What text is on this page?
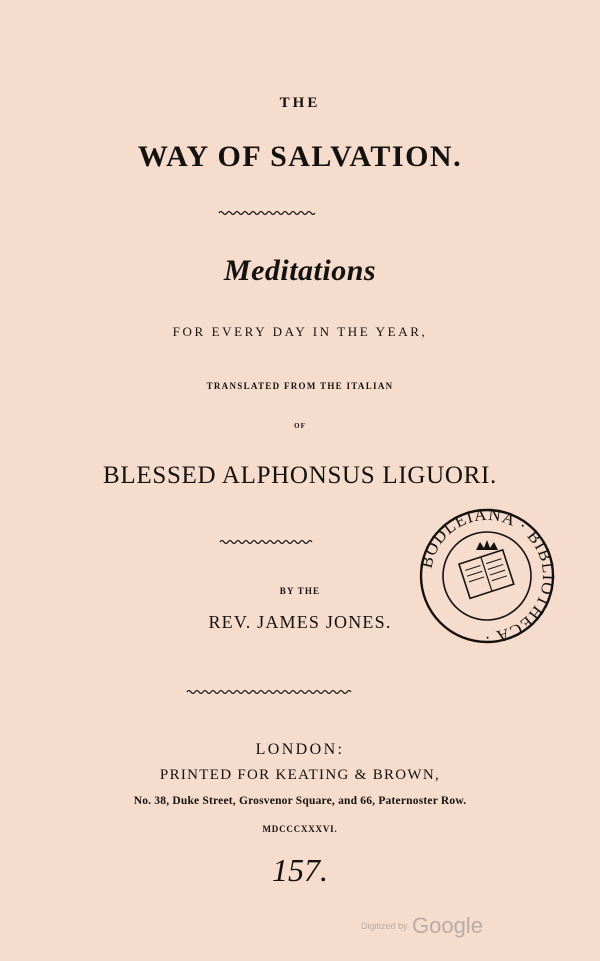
THE
WAY OF SALVATION.
Meditations
FOR EVERY DAY IN THE YEAR,
TRANSLATED FROM THE ITALIAN
OF
BLESSED ALPHONSUS LIGUORI.
BY THE
REV. JAMES JONES.
LONDON:
PRINTED FOR KEATING & BROWN,
No. 38, Duke Street, Grosvenor Square, and 66, Paternoster Row.
MDCCCXXXVI.
157.
BODLEIANA · BIBLIOTHECA ·
Digitized by Google
